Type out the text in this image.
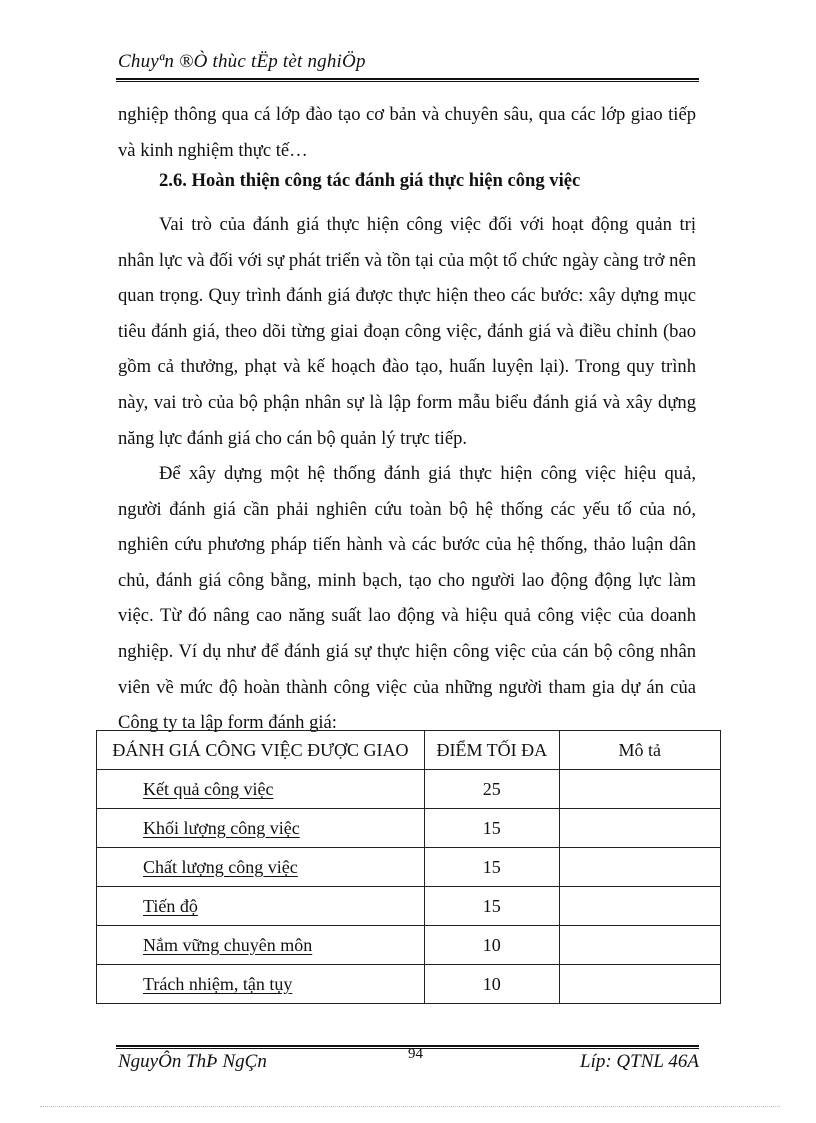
Chuyªn ®Ò thùc tËp tèt nghiÖp
nghiệp thông qua cá lớp đào tạo cơ bản và chuyên sâu, qua các lớp giao tiếp và kinh nghiệm thực tế…
2.6. Hoàn thiện công tác đánh giá thực hiện công việc
Vai trò của đánh giá thực hiện công việc đối với hoạt động quản trị nhân lực và đối với sự phát triển và tồn tại của một tổ chức ngày càng trở nên quan trọng. Quy trình đánh giá được thực hiện theo các bước: xây dựng mục tiêu đánh giá, theo dõi từng giai đoạn công việc, đánh giá và điều chỉnh (bao gồm cả thưởng, phạt và kế hoạch đào tạo, huấn luyện lại). Trong quy trình này, vai trò của bộ phận nhân sự là lập form mẫu biểu đánh giá và xây dựng năng lực đánh giá cho cán bộ quản lý trực tiếp.
Để xây dựng một hệ thống đánh giá thực hiện công việc hiệu quả, người đánh giá cần phải nghiên cứu toàn bộ hệ thống các yếu tố của nó, nghiên cứu phương pháp tiến hành và các bước của hệ thống, thảo luận dân chủ, đánh giá công bằng, minh bạch, tạo cho người lao động động lực làm việc. Từ đó nâng cao năng suất lao động và hiệu quả công việc của doanh nghiệp. Ví dụ như để đánh giá sự thực hiện công việc của cán bộ công nhân viên về mức độ hoàn thành công việc của những người tham gia dự án của Công ty ta lập form đánh giá:
ĐÁNH GIÁ CÔNG VIỆC ĐƯỢC GIAO	ĐIỂM TỐI ĐA	Mô tả
Kết quả công việc	25	
Khối lượng công việc	15	
Chất lượng công việc	15	
Tiến độ	15	
Nắm vững chuyên môn	10	
Trách nhiệm, tận tụy	10	
NguyÔn ThÞ NgÇn	94	Líp: QTNL 46A
